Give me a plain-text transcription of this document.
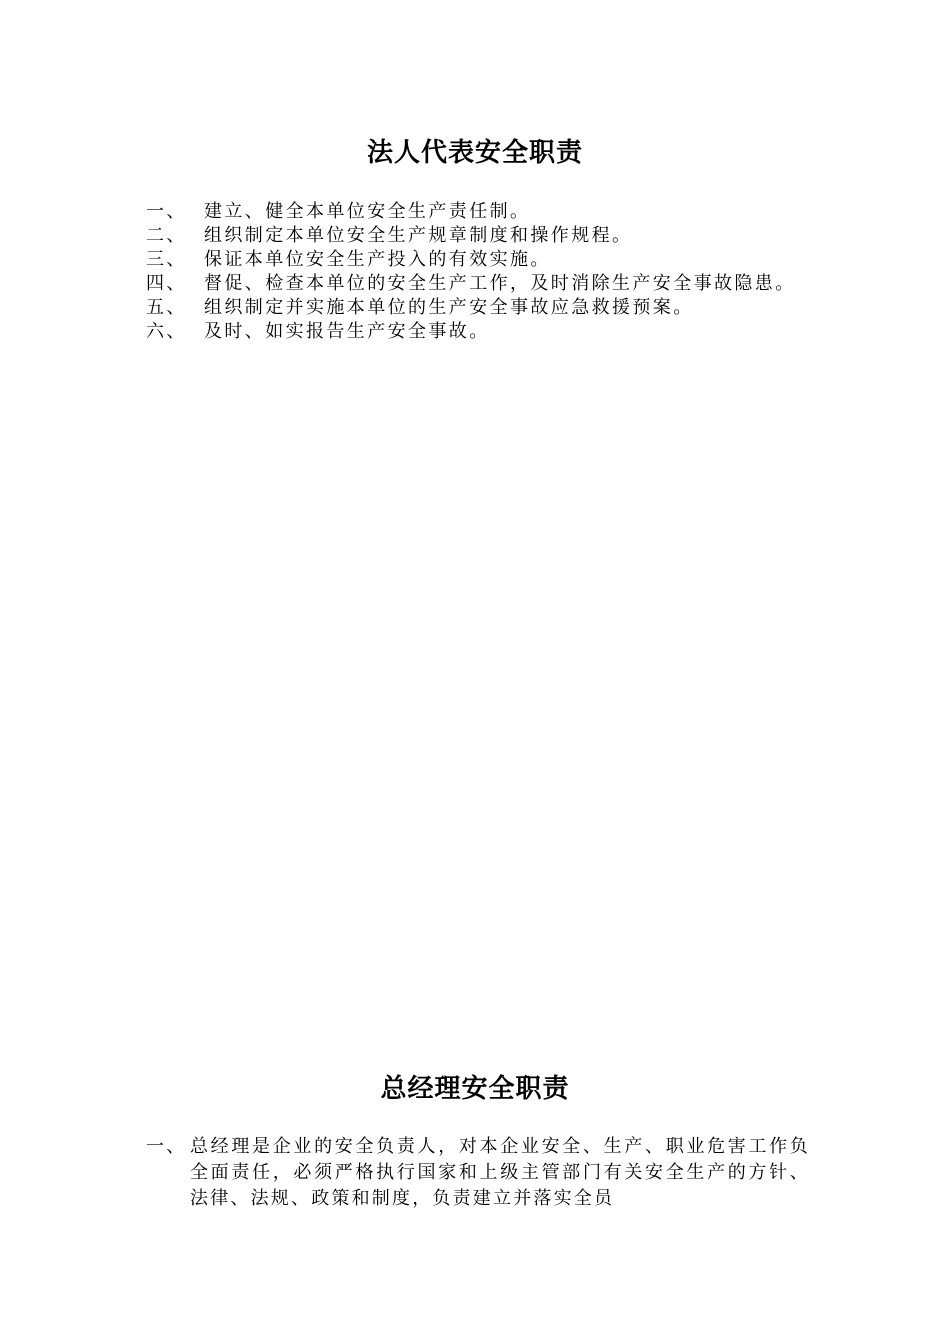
法人代表安全职责
一、 建立、健全本单位安全生产责任制。
二、 组织制定本单位安全生产规章制度和操作规程。
三、 保证本单位安全生产投入的有效实施。
四、 督促、检查本单位的安全生产工作，及时消除生产安全事故隐患。
五、 组织制定并实施本单位的生产安全事故应急救援预案。
六、 及时、如实报告生产安全事故。
总经理安全职责
一、 总经理是企业的安全负责人，对本企业安全、生产、职业危害工作负全面责任，必须严格执行国家和上级主管部门有关安全生产的方针、法律、法规、政策和制度，负责建立并落实全员
